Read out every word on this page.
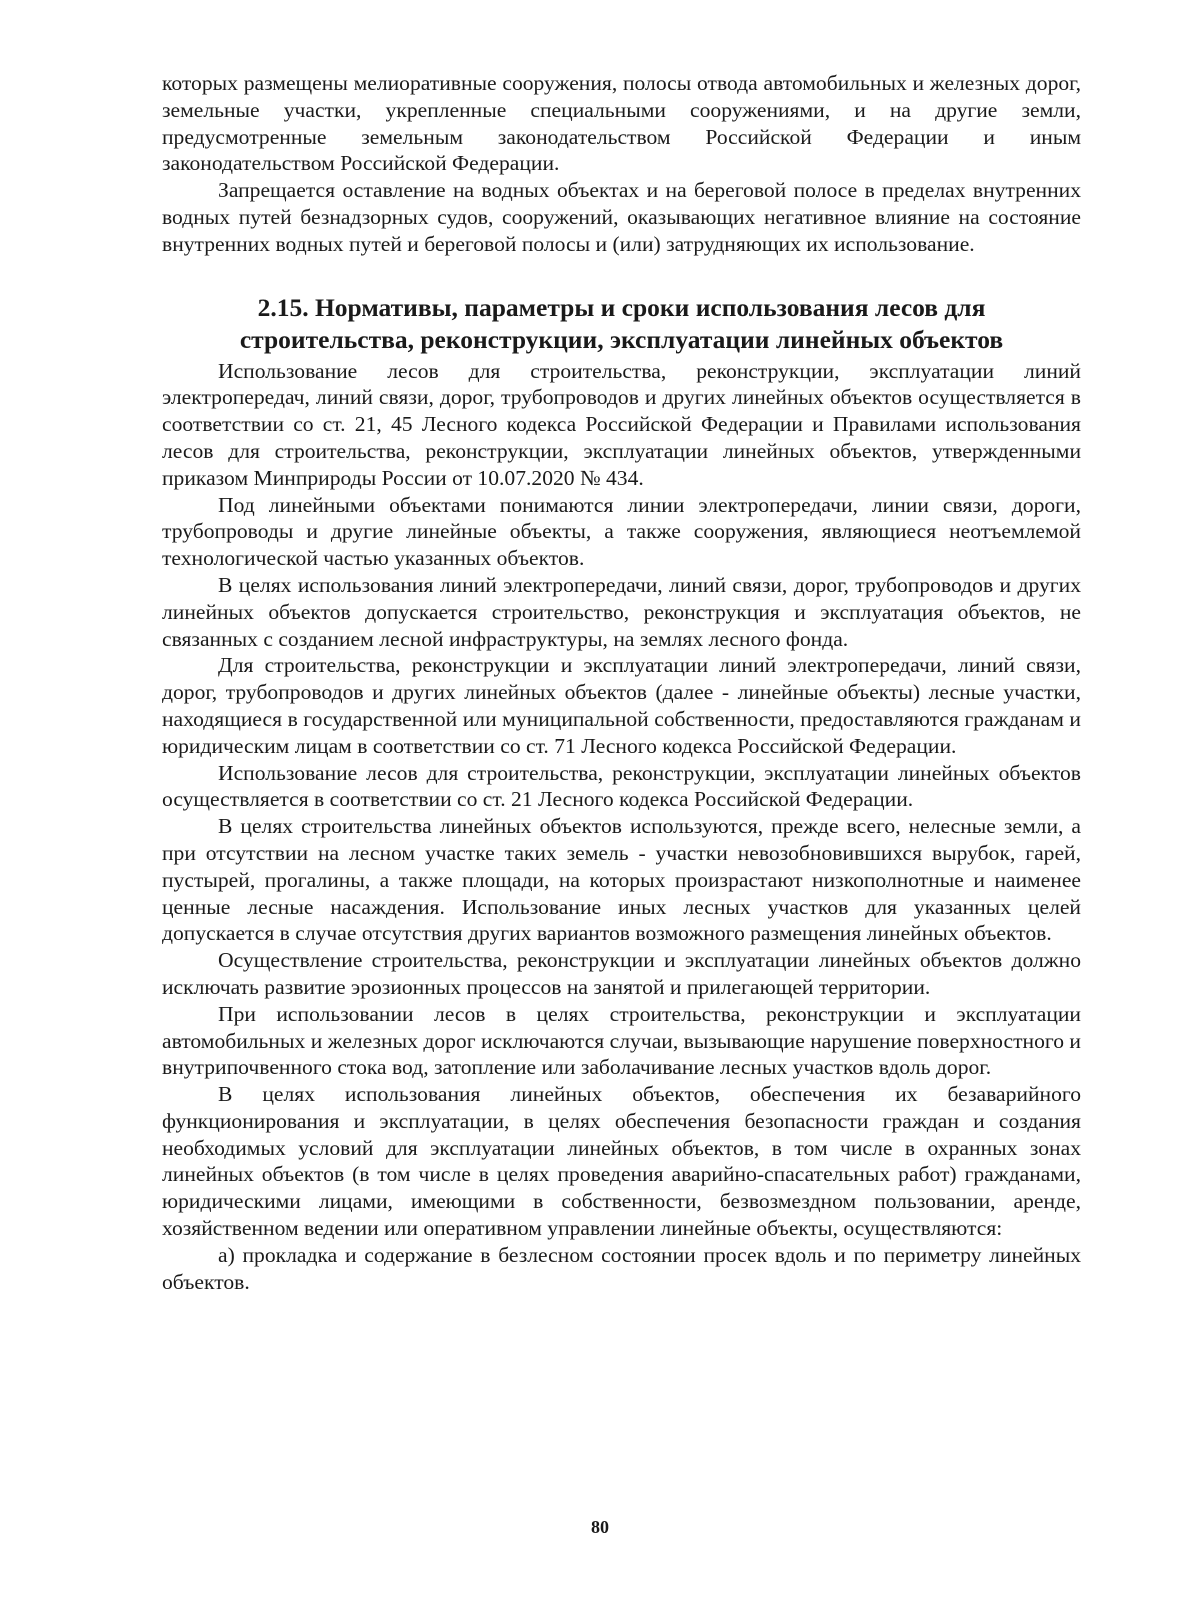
которых размещены мелиоративные сооружения, полосы отвода автомобильных и железных дорог, земельные участки, укрепленные специальными сооружениями, и на другие земли, предусмотренные земельным законодательством Российской Федерации и иным законодательством Российской Федерации.

Запрещается оставление на водных объектах и на береговой полосе в пределах внутренних водных путей безнадзорных судов, сооружений, оказывающих негативное влияние на состояние внутренних водных путей и береговой полосы и (или) затрудняющих их использование.

2.15. Нормативы, параметры и сроки использования лесов для
строительства, реконструкции, эксплуатации линейных объектов

Использование лесов для строительства, реконструкции, эксплуатации линий электропередач, линий связи, дорог, трубопроводов и других линейных объектов осуществляется в соответствии со ст. 21, 45 Лесного кодекса Российской Федерации и Правилами использования лесов для строительства, реконструкции, эксплуатации линейных объектов, утвержденными приказом Минприроды России от 10.07.2020 № 434.

Под линейными объектами понимаются линии электропередачи, линии связи, дороги, трубопроводы и другие линейные объекты, а также сооружения, являющиеся неотъемлемой технологической частью указанных объектов.

В целях использования линий электропередачи, линий связи, дорог, трубопроводов и других линейных объектов допускается строительство, реконструкция и эксплуатация объектов, не связанных с созданием лесной инфраструктуры, на землях лесного фонда.

Для строительства, реконструкции и эксплуатации линий электропередачи, линий связи, дорог, трубопроводов и других линейных объектов (далее - линейные объекты) лесные участки, находящиеся в государственной или муниципальной собственности, предоставляются гражданам и юридическим лицам в соответствии со ст. 71 Лесного кодекса Российской Федерации.

Использование лесов для строительства, реконструкции, эксплуатации линейных объектов осуществляется в соответствии со ст. 21 Лесного кодекса Российской Федерации.

В целях строительства линейных объектов используются, прежде всего, нелесные земли, а при отсутствии на лесном участке таких земель - участки невозобновившихся вырубок, гарей, пустырей, прогалины, а также площади, на которых произрастают низкополнотные и наименее ценные лесные насаждения. Использование иных лесных участков для указанных целей допускается в случае отсутствия других вариантов возможного размещения линейных объектов.

Осуществление строительства, реконструкции и эксплуатации линейных объектов должно исключать развитие эрозионных процессов на занятой и прилегающей территории.

При использовании лесов в целях строительства, реконструкции и эксплуатации автомобильных и железных дорог исключаются случаи, вызывающие нарушение поверхностного и внутрипочвенного стока вод, затопление или заболачивание лесных участков вдоль дорог.

В целях использования линейных объектов, обеспечения их безаварийного функционирования и эксплуатации, в целях обеспечения безопасности граждан и создания необходимых условий для эксплуатации линейных объектов, в том числе в охранных зонах линейных объектов (в том числе в целях проведения аварийно-спасательных работ) гражданами, юридическими лицами, имеющими в собственности, безвозмездном пользовании, аренде, хозяйственном ведении или оперативном управлении линейные объекты, осуществляются:

а) прокладка и содержание в безлесном состоянии просек вдоль и по периметру линейных объектов.

80
